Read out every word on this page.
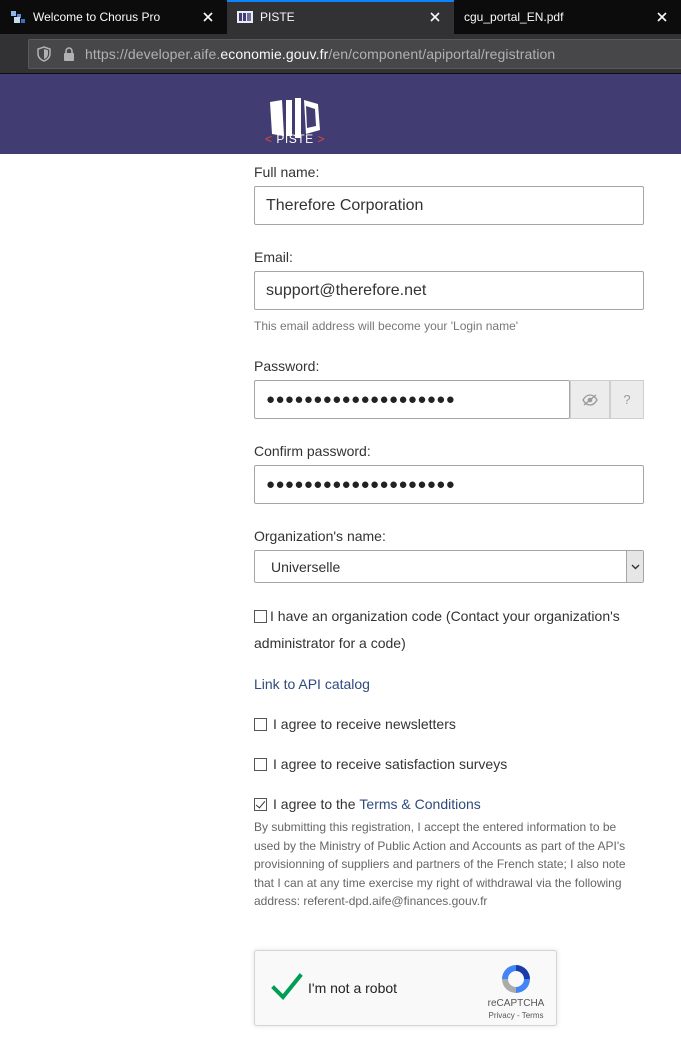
Welcome to Chorus Pro	PISTE	cgu_portal_EN.pdf
https://developer.aife.economie.gouv.fr/en/component/apiportal/registration
< PISTE >
Full name:
Therefore Corporation
Email:
support@therefore.net
This email address will become your 'Login name'
Password:
●●●●●●●●●●●●●●●●●●●●	?
Confirm password:
●●●●●●●●●●●●●●●●●●●●
Organization's name:
Universelle
I have an organization code (Contact your organization's administrator for a code)
Link to API catalog
I agree to receive newsletters
I agree to receive satisfaction surveys
I agree to the Terms & Conditions
By submitting this registration, I accept the entered information to be used by the Ministry of Public Action and Accounts as part of the API's provisionning of suppliers and partners of the French state; I also note that I can at any time exercise my right of withdrawal via the following address: referent-dpd.aife@finances.gouv.fr
I'm not a robot
reCAPTCHA
Privacy - Terms
